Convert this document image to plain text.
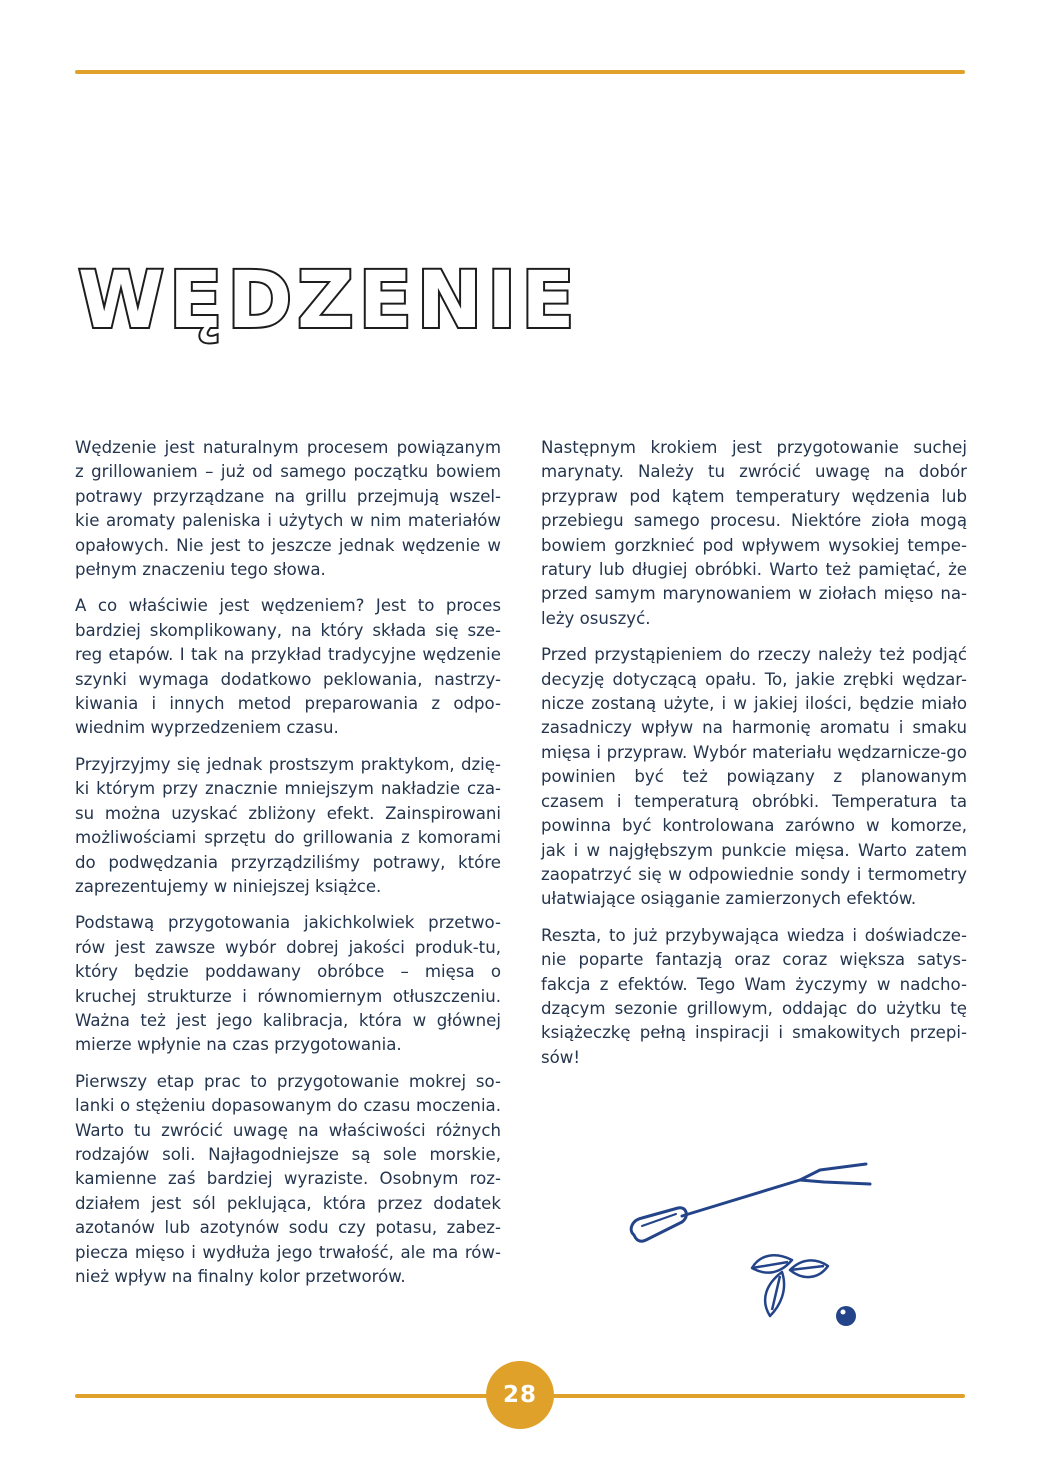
WĘDZENIE

Wędzenie jest naturalnym procesem powiązanym z grillowaniem – już od samego początku bowiem potrawy przyrządzane na grillu przejmują wszel-kie aromaty paleniska i użytych w nim materiałów opałowych. Nie jest to jeszcze jednak wędzenie w pełnym znaczeniu tego słowa.

A co właściwie jest wędzeniem? Jest to proces bardziej skomplikowany, na który składa się sze-reg etapów. I tak na przykład tradycyjne wędzenie szynki wymaga dodatkowo peklowania, nastrzy-kiwania i innych metod preparowania z odpo-wiednim wyprzedzeniem czasu.

Przyjrzyjmy się jednak prostszym praktykom, dzię-ki którym przy znacznie mniejszym nakładzie cza-su można uzyskać zbliżony efekt. Zainspirowani możliwościami sprzętu do grillowania z komorami do podwędzania przyrządziliśmy potrawy, które zaprezentujemy w niniejszej książce.

Podstawą przygotowania jakichkolwiek przetwo-rów jest zawsze wybór dobrej jakości produk-tu, który będzie poddawany obróbce – mięsa o kruchej strukturze i równomiernym otłuszczeniu. Ważna też jest jego kalibracja, która w głównej mierze wpłynie na czas przygotowania.

Pierwszy etap prac to przygotowanie mokrej so-lanki o stężeniu dopasowanym do czasu moczenia. Warto tu zwrócić uwagę na właściwości różnych rodzajów soli. Najłagodniejsze są sole morskie, kamienne zaś bardziej wyraziste. Osobnym roz-działem jest sól peklująca, która przez dodatek azotanów lub azotynów sodu czy potasu, zabez-piecza mięso i wydłuża jego trwałość, ale ma rów-nież wpływ na finalny kolor przetworów.

Następnym krokiem jest przygotowanie suchej marynaty. Należy tu zwrócić uwagę na dobór przypraw pod kątem temperatury wędzenia lub przebiegu samego procesu. Niektóre zioła mogą bowiem gorzknieć pod wpływem wysokiej tempe-ratury lub długiej obróbki. Warto też pamiętać, że przed samym marynowaniem w ziołach mięso na-leży osuszyć.

Przed przystąpieniem do rzeczy należy też podjąć decyzję dotyczącą opału. To, jakie zrębki wędzar-nicze zostaną użyte, i w jakiej ilości, będzie miało zasadniczy wpływ na harmonię aromatu i smaku mięsa i przypraw. Wybór materiału wędzarnicze-go powinien być też powiązany z planowanym czasem i temperaturą obróbki. Temperatura ta powinna być kontrolowana zarówno w komorze, jak i w najgłębszym punkcie mięsa. Warto zatem zaopatrzyć się w odpowiednie sondy i termometry ułatwiające osiąganie zamierzonych efektów.

Reszta, to już przybywająca wiedza i doświadcze-nie poparte fantazją oraz coraz większa satys-fakcja z efektów. Tego Wam życzymy w nadcho-dzącym sezonie grillowym, oddając do użytku tę książeczkę pełną inspiracji i smakowitych przepi-sów!

28
